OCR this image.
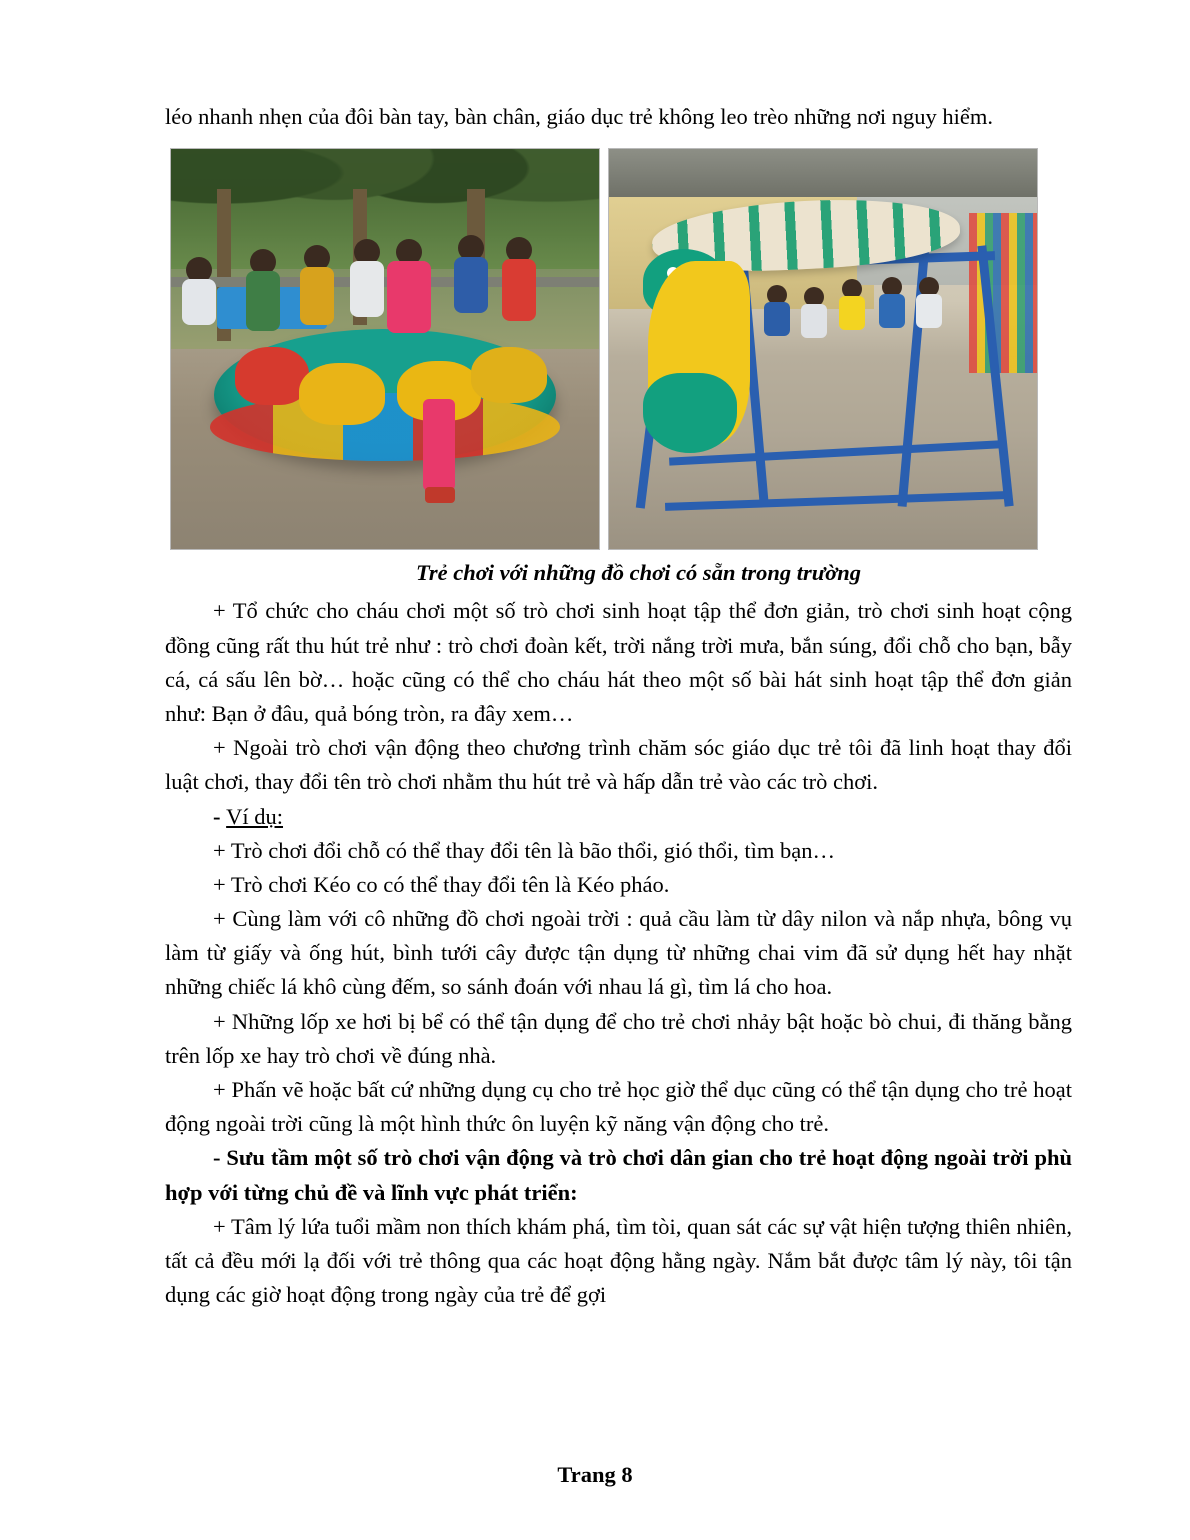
léo nhanh nhẹn của đôi bàn tay, bàn chân, giáo dục trẻ không leo trèo những nơi nguy hiểm.

Trẻ chơi với những đồ chơi có sẵn trong trường

+ Tổ chức cho cháu chơi một số trò chơi sinh hoạt tập thể đơn giản, trò chơi sinh hoạt cộng đồng cũng rất thu hút trẻ như : trò chơi đoàn kết, trời nắng trời mưa, bắn súng, đổi chỗ cho bạn, bẫy cá, cá sấu lên bờ… hoặc cũng có thể cho cháu hát theo một số bài hát sinh hoạt tập thể đơn giản như: Bạn ở đâu, quả bóng tròn, ra đây xem…

+ Ngoài trò chơi vận động theo chương trình chăm sóc giáo dục trẻ tôi đã linh hoạt thay đổi luật chơi, thay đổi tên trò chơi nhằm thu hút trẻ và hấp dẫn trẻ vào các trò chơi.

- Ví dụ:

+ Trò chơi đổi chỗ có thể thay đổi tên là bão thổi, gió thổi, tìm bạn…

+ Trò chơi Kéo co có thể thay đổi tên là Kéo pháo.

+ Cùng làm với cô những đồ chơi ngoài trời : quả cầu làm từ dây nilon và nắp nhựa, bông vụ làm từ giấy và ống hút, bình tưới cây được tận dụng từ những chai vim đã sử dụng hết hay nhặt những chiếc lá khô cùng đếm, so sánh đoán với nhau lá gì, tìm lá cho hoa.

+ Những lốp xe hơi bị bể có thể tận dụng để cho trẻ chơi nhảy bật hoặc bò chui, đi thăng bằng trên lốp xe hay trò chơi về đúng nhà.

+ Phấn vẽ hoặc bất cứ những dụng cụ cho trẻ học giờ thể dục cũng có thể tận dụng cho trẻ hoạt động ngoài trời cũng là một hình thức ôn luyện kỹ năng vận động cho trẻ.

- Sưu tầm một số trò chơi vận động và trò chơi dân gian cho trẻ hoạt động ngoài trời phù hợp với từng chủ đề và lĩnh vực phát triển:

+ Tâm lý lứa tuổi mầm non thích khám phá, tìm tòi, quan sát các sự vật hiện tượng thiên nhiên, tất cả đều mới lạ đối với trẻ thông qua các hoạt động hằng ngày. Nắm bắt được tâm lý này, tôi tận dụng các giờ hoạt động trong ngày của trẻ để gợi

Trang 8
